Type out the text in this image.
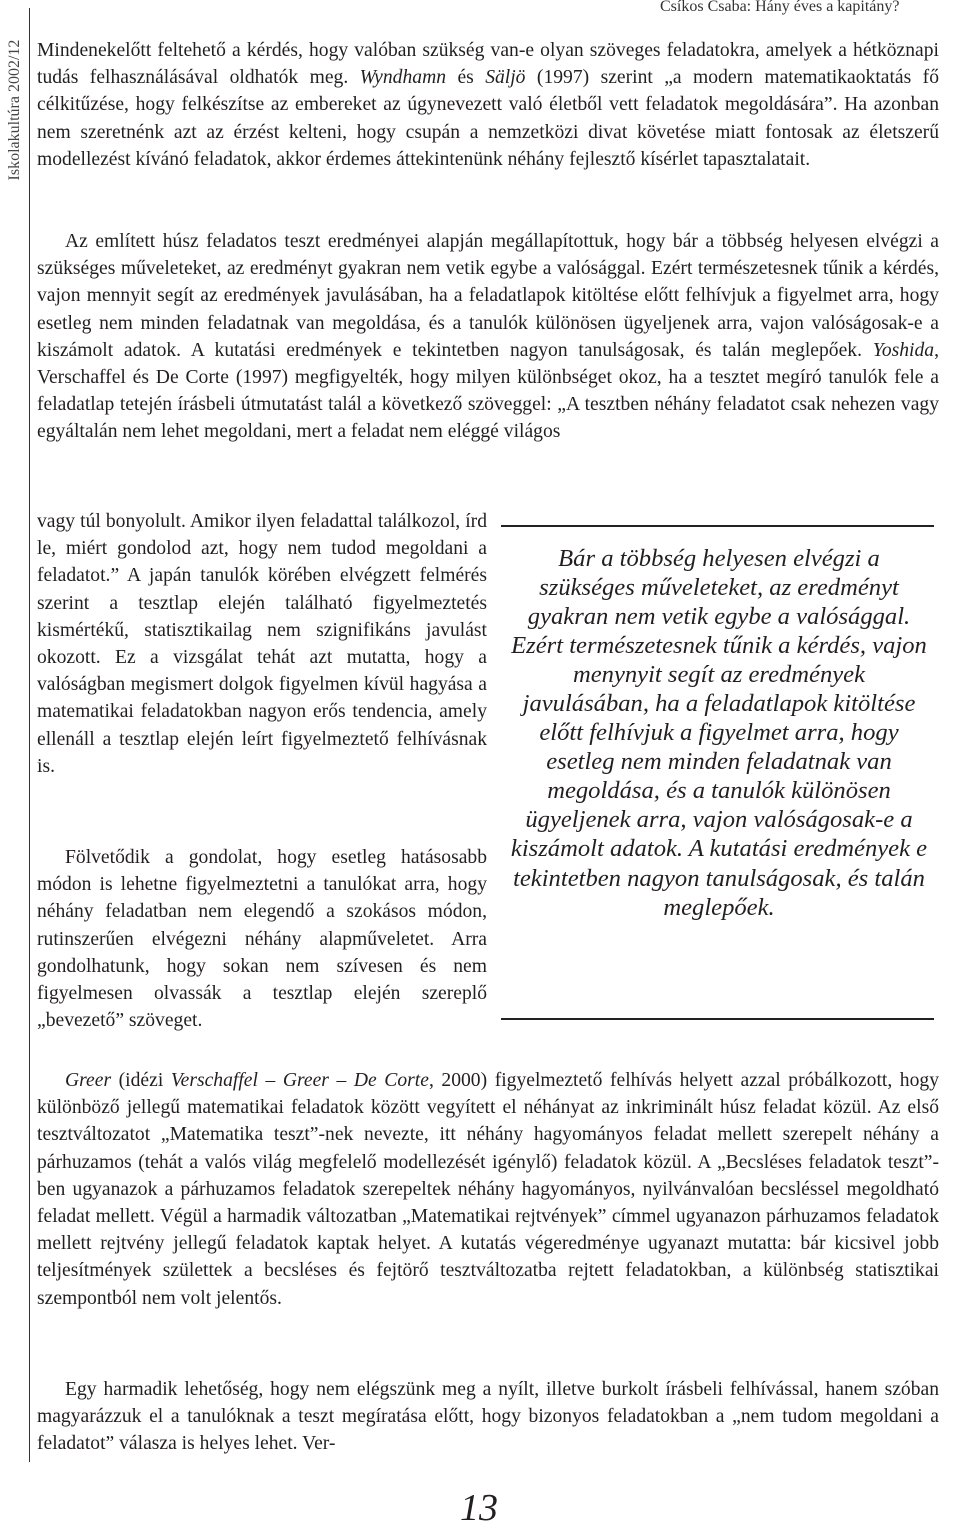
Iskolakultúra 2002/12
Csíkos Csaba: Hány éves a kapitány?

Mindenekelőtt feltehető a kérdés, hogy valóban szükség van-e olyan szöveges feladatokra, amelyek a hétköznapi tudás felhasználásával oldhatók meg. Wyndhamn és Säljö (1997) szerint „a modern matematikaoktatás fő célkitűzése, hogy felkészítse az embereket az úgynevezett való életből vett feladatok megoldására”. Ha azonban nem szeretnénk azt az érzést kelteni, hogy csupán a nemzetközi divat követése miatt fontosak az életszerű modellezést kívánó feladatok, akkor érdemes áttekintenünk néhány fejlesztő kísérlet tapasztalatait.

Az említett húsz feladatos teszt eredményei alapján megállapítottuk, hogy bár a többség helyesen elvégzi a szükséges műveleteket, az eredményt gyakran nem vetik egybe a valósággal. Ezért természetesnek tűnik a kérdés, vajon mennyit segít az eredmények javulásában, ha a feladatlapok kitöltése előtt felhívjuk a figyelmet arra, hogy esetleg nem minden feladatnak van megoldása, és a tanulók különösen ügyeljenek arra, vajon valóságosak-e a kiszámolt adatok. A kutatási eredmények e tekintetben nagyon tanulságosak, és talán meglepőek. Yoshida, Verschaffel és De Corte (1997) megfigyelték, hogy milyen különbséget okoz, ha a tesztet megíró tanulók fele a feladatlap tetején írásbeli útmutatást talál a következő szöveggel: „A tesztben néhány feladatot csak nehezen vagy egyáltalán nem lehet megoldani, mert a feladat nem eléggé világos

vagy túl bonyolult. Amikor ilyen feladattal találkozol, írd le, miért gondolod azt, hogy nem tudod megoldani a feladatot.” A japán tanulók körében elvégzett felmérés szerint a tesztlap elején található figyelmeztetés kismértékű, statisztikailag nem szignifikáns javulást okozott. Ez a vizsgálat tehát azt mutatta, hogy a valóságban megismert dolgok figyelmen kívül hagyása a matematikai feladatokban nagyon erős tendencia, amely ellenáll a tesztlap elején leírt figyelmeztető felhívásnak is.

Fölvetődik a gondolat, hogy esetleg hatásosabb módon is lehetne figyelmeztetni a tanulókat arra, hogy néhány feladatban nem elegendő a szokásos módon, rutinszerűen elvégezni néhány alapműveletet. Arra gondolhatunk, hogy sokan nem szívesen és nem figyelmesen olvassák a tesztlap elején szereplő „bevezető” szöveget.

Bár a többség helyesen elvégzi a szükséges műveleteket, az eredményt gyakran nem vetik egybe a valósággal. Ezért természetesnek tűnik a kérdés, vajon menynyit segít az eredmények javulásában, ha a feladatlapok kitöltése előtt felhívjuk a figyelmet arra, hogy esetleg nem minden feladatnak van megoldása, és a tanulók különösen ügyeljenek arra, vajon valóságosak-e a kiszámolt adatok. A kutatási eredmények e tekintetben nagyon tanulságosak, és talán meglepőek.

Greer (idézi Verschaffel – Greer – De Corte, 2000) figyelmeztető felhívás helyett azzal próbálkozott, hogy különböző jellegű matematikai feladatok között vegyített el néhányat az inkriminált húsz feladat közül. Az első tesztváltozatot „Matematika teszt”-nek nevezte, itt néhány hagyományos feladat mellett szerepelt néhány a párhuzamos (tehát a valós világ megfelelő modellezését igénylő) feladatok közül. A „Becsléses feladatok teszt”-ben ugyanazok a párhuzamos feladatok szerepeltek néhány hagyományos, nyilvánvalóan becsléssel megoldható feladat mellett. Végül a harmadik változatban „Matematikai rejtvények” címmel ugyanazon párhuzamos feladatok mellett rejtvény jellegű feladatok kaptak helyet. A kutatás végeredménye ugyanazt mutatta: bár kicsivel jobb teljesítmények születtek a becsléses és fejtörő tesztváltozatba rejtett feladatokban, a különbség statisztikai szempontból nem volt jelentős.

Egy harmadik lehetőség, hogy nem elégszünk meg a nyílt, illetve burkolt írásbeli felhívással, hanem szóban magyarázzuk el a tanulóknak a teszt megíratása előtt, hogy bizonyos feladatokban a „nem tudom megoldani a feladatot” válasza is helyes lehet. Ver-

13
